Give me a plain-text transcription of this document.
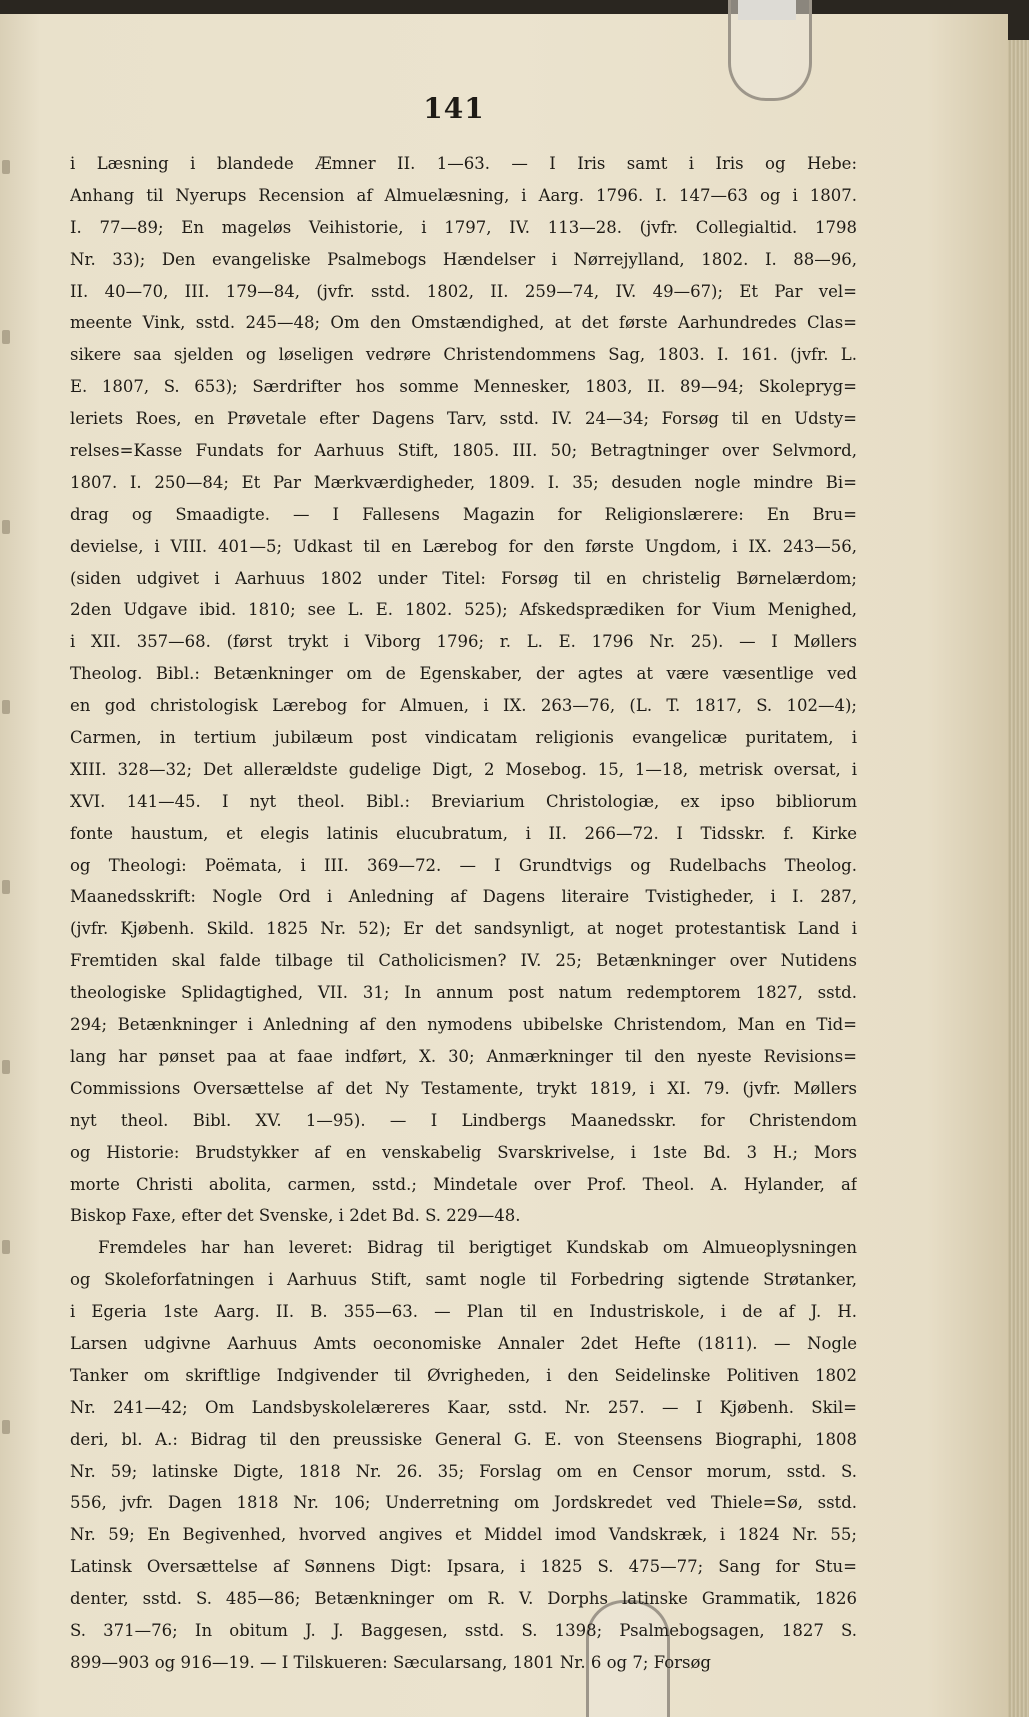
141
i Læsning i blandede Æmner II. 1—63. — I Iris samt i Iris og Hebe:
Anhang til Nyerups Recension af Almuelæsning, i Aarg. 1796. I. 147—63 og i 1807.
I. 77—89; En mageløs Veihistorie, i 1797, IV. 113—28. (jvfr. Collegialtid. 1798
Nr. 33); Den evangeliske Psalmebogs Hændelser i Nørrejylland, 1802. I. 88—96,
II. 40—70, III. 179—84, (jvfr. sstd. 1802, II. 259—74, IV. 49—67); Et Par vel=
meente Vink, sstd. 245—48; Om den Omstændighed, at det første Aarhundredes Clas=
sikere saa sjelden og løseligen vedrøre Christendommens Sag, 1803. I. 161. (jvfr. L.
E. 1807, S. 653); Særdrifter hos somme Mennesker, 1803, II. 89—94; Skolepryg=
leriets Roes, en Prøvetale efter Dagens Tarv, sstd. IV. 24—34; Forsøg til en Udsty=
relses=Kasse Fundats for Aarhuus Stift, 1805. III. 50; Betragtninger over Selvmord,
1807. I. 250—84; Et Par Mærkværdigheder, 1809. I. 35; desuden nogle mindre Bi=
drag og Smaadigte. — I Fallesens Magazin for Religionslærere: En Bru=
devielse, i VIII. 401—5; Udkast til en Lærebog for den første Ungdom, i IX. 243—56,
(siden udgivet i Aarhuus 1802 under Titel: Forsøg til en christelig Børnelærdom;
2den Udgave ibid. 1810; see L. E. 1802. 525); Afskedsprædiken for Vium Menighed,
i XII. 357—68. (først trykt i Viborg 1796; r. L. E. 1796 Nr. 25). — I Møllers
Theolog. Bibl.: Betænkninger om de Egenskaber, der agtes at være væsentlige ved
en god christologisk Lærebog for Almuen, i IX. 263—76, (L. T. 1817, S. 102—4);
Carmen, in tertium jubilæum post vindicatam religionis evangelicæ puritatem, i
XIII. 328—32; Det allerældste gudelige Digt, 2 Mosebog. 15, 1—18, metrisk oversat, i
XVI. 141—45. I nyt theol. Bibl.: Breviarium Christologiæ, ex ipso bibliorum
fonte haustum, et elegis latinis elucubratum, i II. 266—72. I Tidsskr. f. Kirke
og Theologi: Poëmata, i III. 369—72. — I Grundtvigs og Rudelbachs Theolog.
Maanedsskrift: Nogle Ord i Anledning af Dagens literaire Tvistigheder, i I. 287,
(jvfr. Kjøbenh. Skild. 1825 Nr. 52); Er det sandsynligt, at noget protestantisk Land i
Fremtiden skal falde tilbage til Catholicismen? IV. 25; Betænkninger over Nutidens
theologiske Splidagtighed, VII. 31; In annum post natum redemptorem 1827, sstd.
294; Betænkninger i Anledning af den nymodens ubibelske Christendom, Man en Tid=
lang har pønset paa at faae indført, X. 30; Anmærkninger til den nyeste Revisions=
Commissions Oversættelse af det Ny Testamente, trykt 1819, i XI. 79. (jvfr. Møllers
nyt theol. Bibl. XV. 1—95). — I Lindbergs Maanedsskr. for Christendom
og Historie: Brudstykker af en venskabelig Svarskrivelse, i 1ste Bd. 3 H.; Mors
morte Christi abolita, carmen, sstd.; Mindetale over Prof. Theol. A. Hylander, af
Biskop Faxe, efter det Svenske, i 2det Bd. S. 229—48.
Fremdeles har han leveret: Bidrag til berigtiget Kundskab om Almueoplysningen
og Skoleforfatningen i Aarhuus Stift, samt nogle til Forbedring sigtende Strøtanker,
i Egeria 1ste Aarg. II. B. 355—63. — Plan til en Industriskole, i de af J. H.
Larsen udgivne Aarhuus Amts oeconomiske Annaler 2det Hefte (1811). — Nogle
Tanker om skriftlige Indgivender til Øvrigheden, i den Seidelinske Politiven 1802
Nr. 241—42; Om Landsbyskolelæreres Kaar, sstd. Nr. 257. — I Kjøbenh. Skil=
deri, bl. A.: Bidrag til den preussiske General G. E. von Steensens Biographi, 1808
Nr. 59; latinske Digte, 1818 Nr. 26. 35; Forslag om en Censor morum, sstd. S.
556, jvfr. Dagen 1818 Nr. 106; Underretning om Jordskredet ved Thiele=Sø, sstd.
Nr. 59; En Begivenhed, hvorved angives et Middel imod Vandskræk, i 1824 Nr. 55;
Latinsk Oversættelse af Sønnens Digt: Ipsara, i 1825 S. 475—77; Sang for Stu=
denter, sstd. S. 485—86; Betænkninger om R. V. Dorphs latinske Grammatik, 1826
S. 371—76; In obitum J. J. Baggesen, sstd. S. 1398; Psalmebogsagen, 1827 S.
899—903 og 916—19. — I Tilskueren: Sæcularsang, 1801 Nr. 6 og 7; Forsøg
